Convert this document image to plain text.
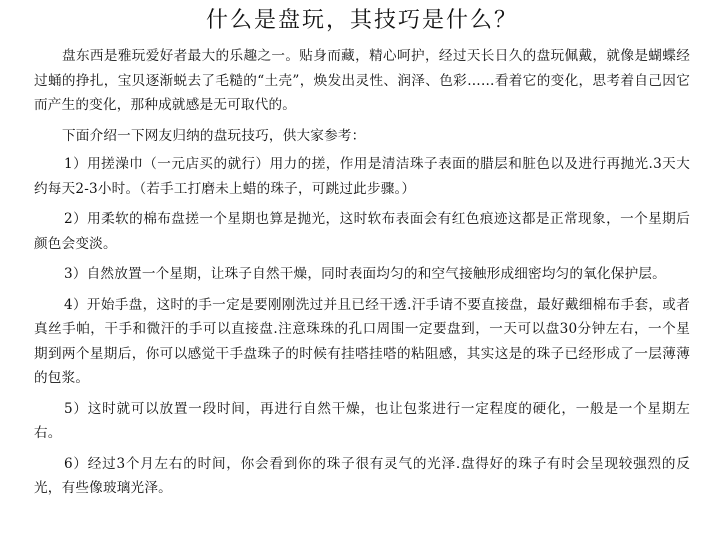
什么是盘玩，其技巧是什么？

盘东西是雅玩爱好者最大的乐趣之一。贴身而藏，精心呵护，经过天长日久的盘玩佩戴，就像是蝴蝶经过蛹的挣扎，宝贝逐渐蜕去了毛糙的“土壳”，焕发出灵性、润泽、色彩……看着它的变化，思考着自己因它而产生的变化，那种成就感是无可取代的。

下面介绍一下网友归纳的盘玩技巧，供大家参考：

1）用搓澡巾（一元店买的就行）用力的搓，作用是清洁珠子表面的腊层和脏色以及进行再抛光.3天大约每天2-3小时。（若手工打磨未上蜡的珠子，可跳过此步骤。）

2）用柔软的棉布盘搓一个星期也算是抛光，这时软布表面会有红色痕迹这都是正常现象，一个星期后颜色会变淡。

3）自然放置一个星期，让珠子自然干燥，同时表面均匀的和空气接触形成细密均匀的氧化保护层。

4）开始手盘，这时的手一定是要刚刚洗过并且已经干透.汗手请不要直接盘，最好戴细棉布手套，或者真丝手帕，干手和微汗的手可以直接盘.注意珠珠的孔口周围一定要盘到，一天可以盘30分钟左右，一个星期到两个星期后，你可以感觉干手盘珠子的时候有挂嗒挂嗒的粘阻感，其实这是的珠子已经形成了一层薄薄的包浆。

5）这时就可以放置一段时间，再进行自然干燥，也让包浆进行一定程度的硬化，一般是一个星期左右。

6）经过3个月左右的时间，你会看到你的珠子很有灵气的光泽.盘得好的珠子有时会呈现较强烈的反光，有些像玻璃光泽。
